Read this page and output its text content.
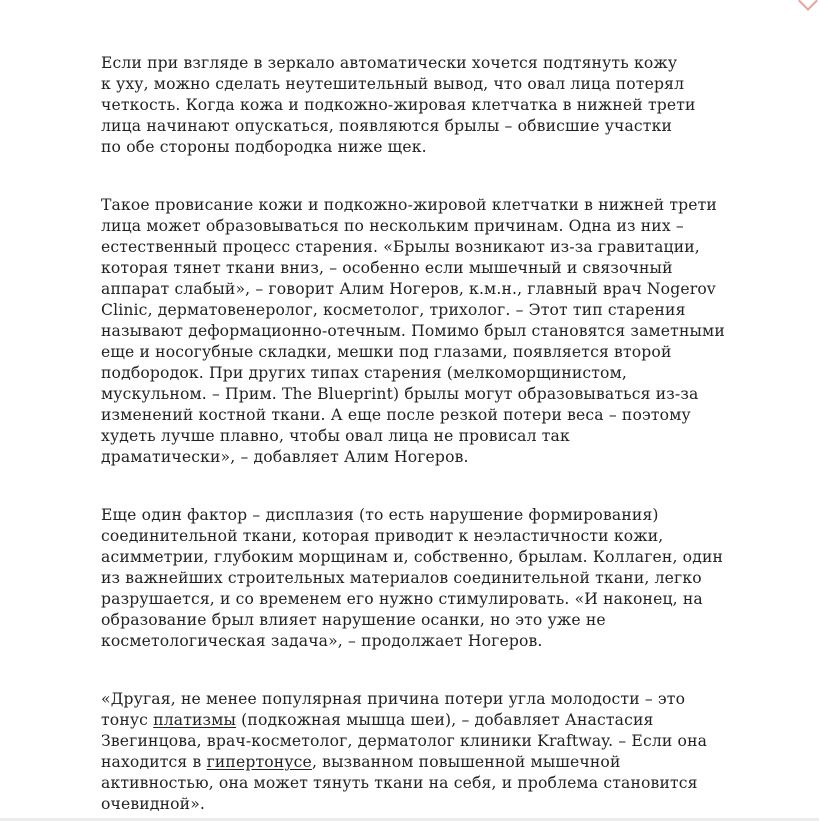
Если при взгляде в зеркало автоматически хочется подтянуть кожу
к уху, можно сделать неутешительный вывод, что овал лица потерял
четкость. Когда кожа и подкожно-жировая клетчатка в нижней трети
лица начинают опускаться, появляются брылы – обвисшие участки
по обе стороны подбородка ниже щек.

Такое провисание кожи и подкожно-жировой клетчатки в нижней трети
лица может образовываться по нескольким причинам. Одна из них –
естественный процесс старения. «Брылы возникают из-за гравитации,
которая тянет ткани вниз, – особенно если мышечный и связочный
аппарат слабый», – говорит Алим Ногеров, к.м.н., главный врач Nogerov
Clinic, дерматовенеролог, косметолог, трихолог. – Этот тип старения
называют деформационно-отечным. Помимо брыл становятся заметными
еще и носогубные складки, мешки под глазами, появляется второй
подбородок. При других типах старения (мелкоморщинистом,
мускульном. – Прим. The Blueprint) брылы могут образовываться из-за
изменений костной ткани. А еще после резкой потери веса – поэтому
худеть лучше плавно, чтобы овал лица не провисал так
драматически», – добавляет Алим Ногеров.

Еще один фактор – дисплазия (то есть нарушение формирования)
соединительной ткани, которая приводит к неэластичности кожи,
асимметрии, глубоким морщинам и, собственно, брылам. Коллаген, один
из важнейших строительных материалов соединительной ткани, легко
разрушается, и со временем его нужно стимулировать. «И наконец, на
образование брыл влияет нарушение осанки, но это уже не
косметологическая задача», – продолжает Ногеров.

«Другая, не менее популярная причина потери угла молодости – это
тонус платизмы (подкожная мышца шеи), – добавляет Анастасия
Звегинцова, врач-косметолог, дерматолог клиники Kraftway. – Если она
находится в гипертонусе, вызванном повышенной мышечной
активностью, она может тянуть ткани на себя, и проблема становится
очевидной».
